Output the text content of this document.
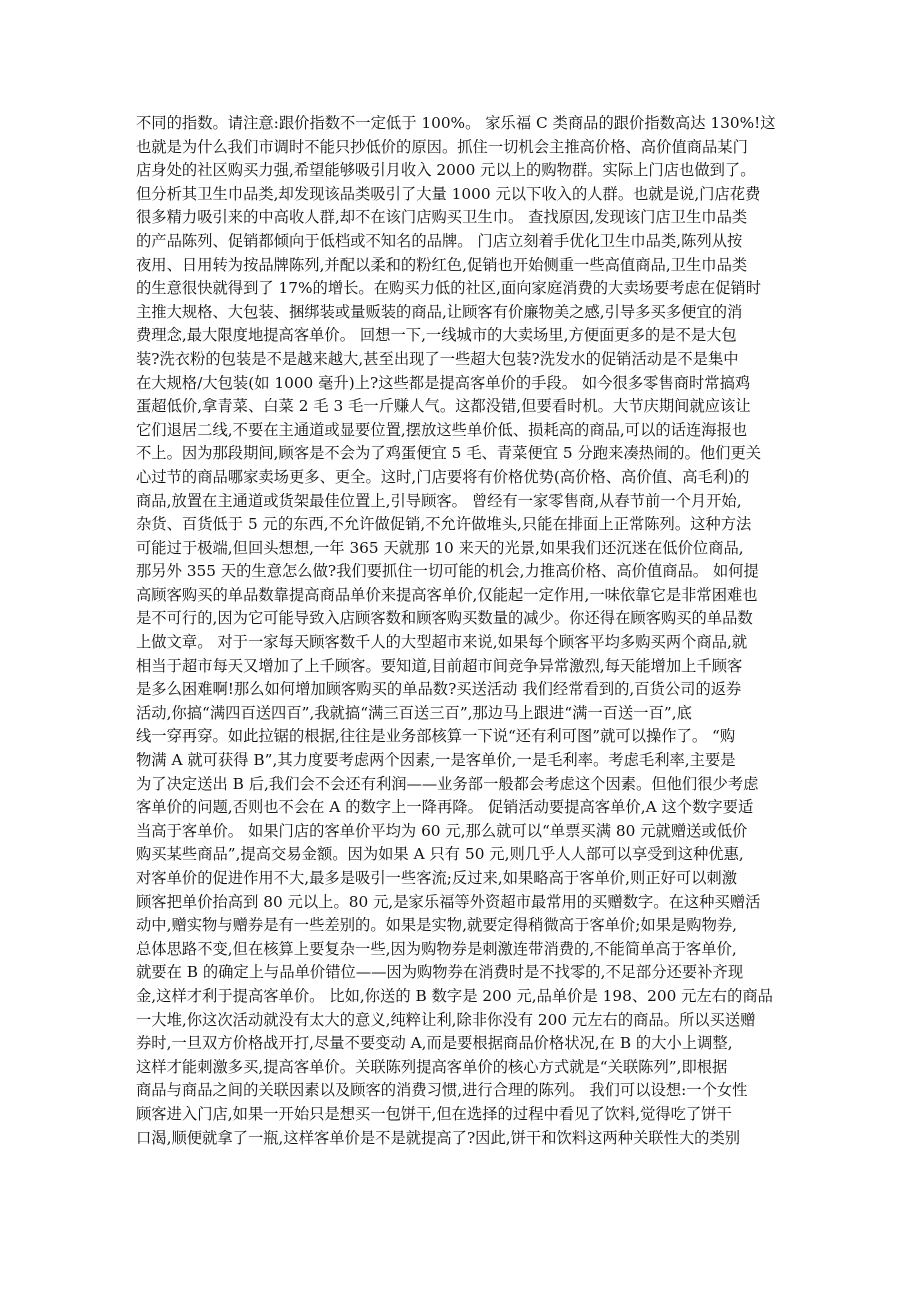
不同的指数。请注意:跟价指数不一定低于 100%。 家乐福 C 类商品的跟价指数高达 130%!这
也就是为什么我们市调时不能只抄低价的原因。抓住一切机会主推高价格、高价值商品某门
店身处的社区购买力强,希望能够吸引月收入 2000 元以上的购物群。实际上门店也做到了。
但分析其卫生巾品类,却发现该品类吸引了大量 1000 元以下收入的人群。也就是说,门店花费
很多精力吸引来的中高收人群,却不在该门店购买卫生巾。 查找原因,发现该门店卫生巾品类
的产品陈列、促销都倾向于低档或不知名的品牌。 门店立刻着手优化卫生巾品类,陈列从按
夜用、日用转为按品牌陈列,并配以柔和的粉红色,促销也开始侧重一些高值商品,卫生巾品类
的生意很快就得到了 17%的增长。在购买力低的社区,面向家庭消费的大卖场要考虑在促销时
主推大规格、大包装、捆绑装或量贩装的商品,让顾客有价廉物美之感,引导多买多便宜的消
费理念,最大限度地提高客单价。 回想一下,一线城市的大卖场里,方便面更多的是不是大包
装?洗衣粉的包装是不是越来越大,甚至出现了一些超大包装?洗发水的促销活动是不是集中
在大规格/大包装(如 1000 毫升)上?这些都是提高客单价的手段。 如今很多零售商时常搞鸡
蛋超低价,拿青菜、白菜 2 毛 3 毛一斤赚人气。这都没错,但要看时机。大节庆期间就应该让
它们退居二线,不要在主通道或显要位置,摆放这些单价低、损耗高的商品,可以的话连海报也
不上。因为那段期间,顾客是不会为了鸡蛋便宜 5 毛、青菜便宜 5 分跑来凑热闹的。他们更关
心过节的商品哪家卖场更多、更全。这时,门店要将有价格优势(高价格、高价值、高毛利)的
商品,放置在主通道或货架最佳位置上,引导顾客。 曾经有一家零售商,从春节前一个月开始,
杂货、百货低于 5 元的东西,不允许做促销,不允许做堆头,只能在排面上正常陈列。这种方法
可能过于极端,但回头想想,一年 365 天就那 10 来天的光景,如果我们还沉迷在低价位商品,
那另外 355 天的生意怎么做?我们要抓住一切可能的机会,力推高价格、高价值商品。 如何提
高顾客购买的单品数靠提高商品单价来提高客单价,仅能起一定作用,一味依靠它是非常困难也
是不可行的,因为它可能导致入店顾客数和顾客购买数量的减少。你还得在顾客购买的单品数
上做文章。 对于一家每天顾客数千人的大型超市来说,如果每个顾客平均多购买两个商品,就
相当于超市每天又增加了上千顾客。要知道,目前超市间竞争异常激烈,每天能增加上千顾客
是多么困难啊!那么如何增加顾客购买的单品数?买送活动 我们经常看到的,百货公司的返券
活动,你搞“满四百送四百”,我就搞“满三百送三百”,那边马上跟进“满一百送一百”,底
线一穿再穿。如此拉锯的根据,往往是业务部核算一下说“还有利可图”就可以操作了。 “购
物满 A 就可获得 B”,其力度要考虑两个因素,一是客单价,一是毛利率。考虑毛利率,主要是
为了决定送出 B 后,我们会不会还有利润——业务部一般都会考虑这个因素。但他们很少考虑
客单价的问题,否则也不会在 A 的数字上一降再降。 促销活动要提高客单价,A 这个数字要适
当高于客单价。 如果门店的客单价平均为 60 元,那么就可以“单票买满 80 元就赠送或低价
购买某些商品”,提高交易金额。因为如果 A 只有 50 元,则几乎人人部可以享受到这种优惠,
对客单价的促进作用不大,最多是吸引一些客流;反过来,如果略高于客单价,则正好可以刺激
顾客把单价抬高到 80 元以上。80 元,是家乐福等外资超市最常用的买赠数字。在这种买赠活
动中,赠实物与赠券是有一些差别的。如果是实物,就要定得稍微高于客单价;如果是购物券,
总体思路不变,但在核算上要复杂一些,因为购物券是刺激连带消费的,不能简单高于客单价,
就要在 B 的确定上与品单价错位——因为购物券在消费时是不找零的,不足部分还要补齐现
金,这样才利于提高客单价。 比如,你送的 B 数字是 200 元,品单价是 198、200 元左右的商品
一大堆,你这次活动就没有太大的意义,纯粹让利,除非你没有 200 元左右的商品。所以买送赠
券时,一旦双方价格战开打,尽量不要变动 A,而是要根据商品价格状况,在 B 的大小上调整,
这样才能刺激多买,提高客单价。关联陈列提高客单价的核心方式就是“关联陈列”,即根据
商品与商品之间的关联因素以及顾客的消费习惯,进行合理的陈列。 我们可以设想:一个女性
顾客进入门店,如果一开始只是想买一包饼干,但在选择的过程中看见了饮料,觉得吃了饼干
口渴,顺便就拿了一瓶,这样客单价是不是就提高了?因此,饼干和饮料这两种关联性大的类别
